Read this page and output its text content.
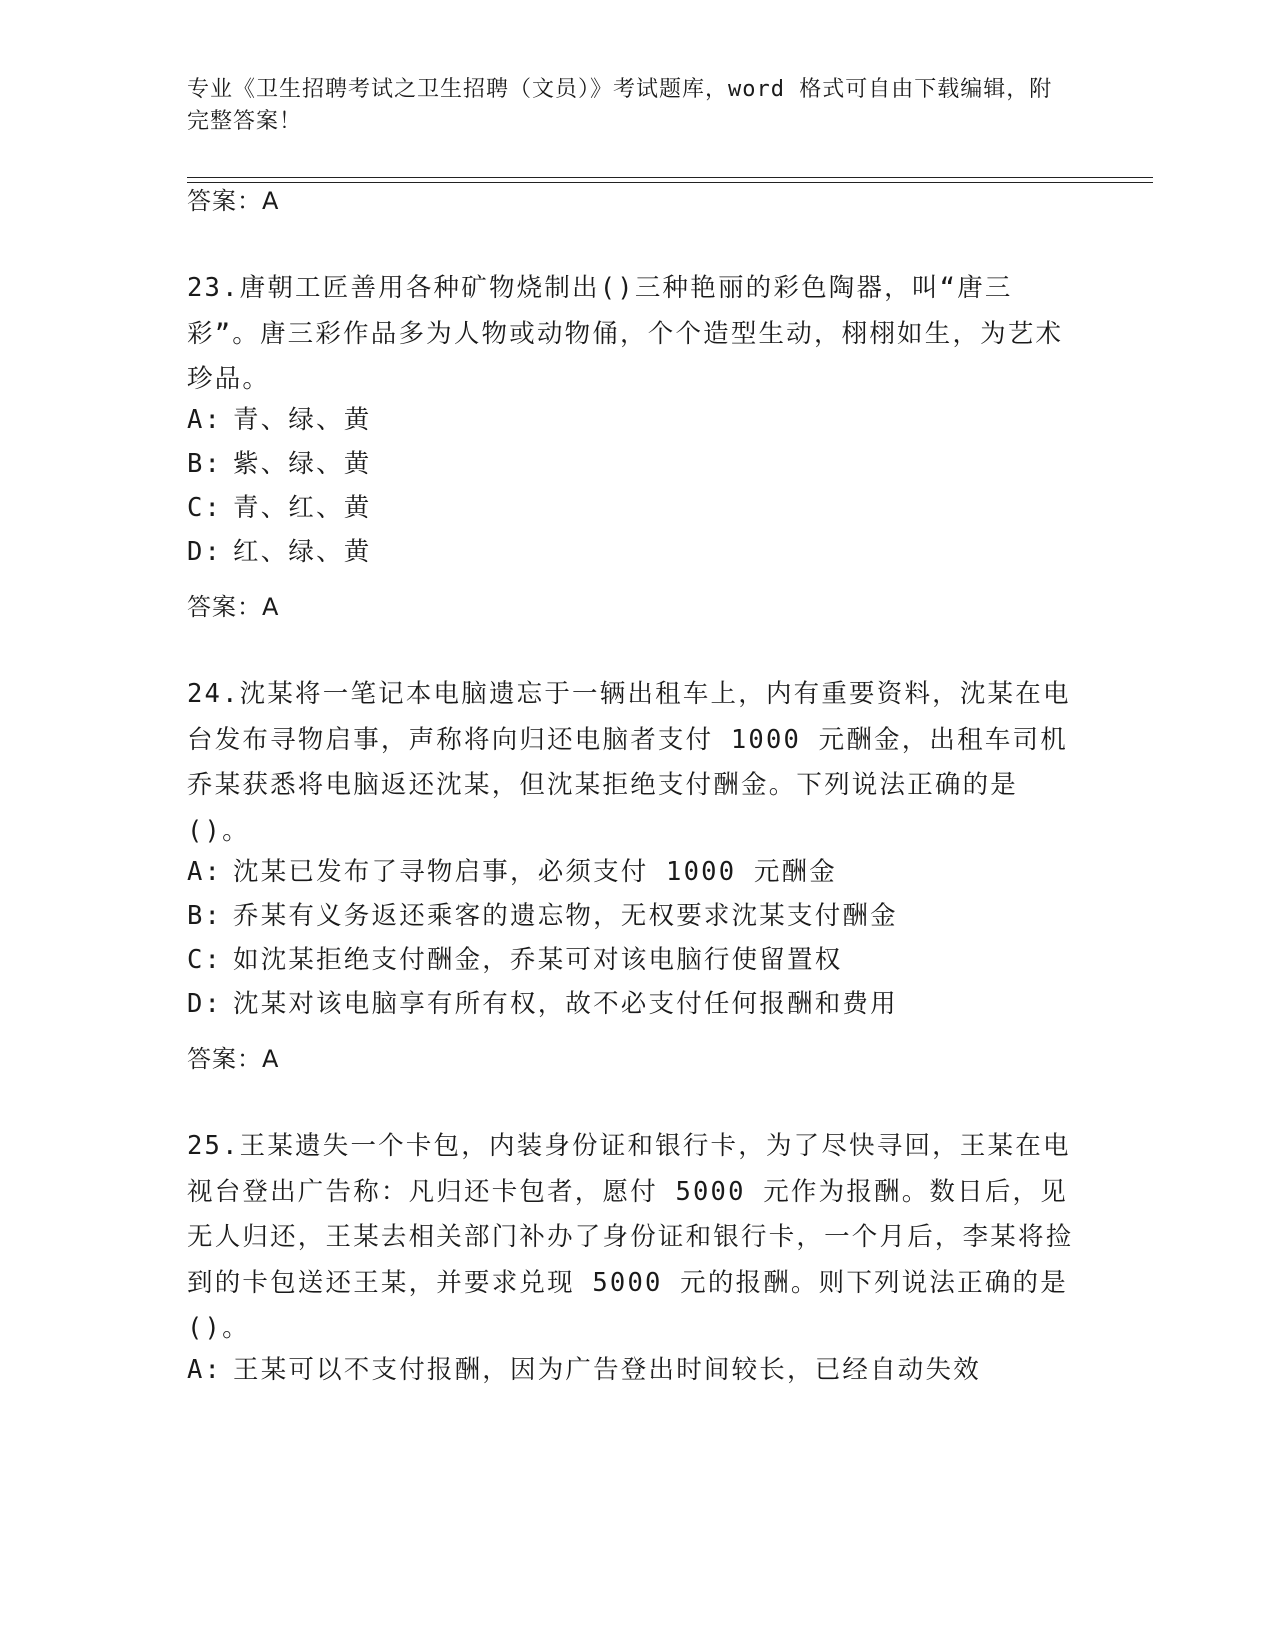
专业《卫生招聘考试之卫生招聘（文员）》考试题库，word 格式可自由下载编辑，附完整答案！
答案：A
23.唐朝工匠善用各种矿物烧制出()三种艳丽的彩色陶器，叫“唐三彩”。唐三彩作品多为人物或动物俑，个个造型生动，栩栩如生，为艺术珍品。
A: 青、绿、黄
B: 紫、绿、黄
C: 青、红、黄
D: 红、绿、黄
答案：A
24.沈某将一笔记本电脑遗忘于一辆出租车上，内有重要资料，沈某在电台发布寻物启事，声称将向归还电脑者支付 1000 元酬金，出租车司机乔某获悉将电脑返还沈某，但沈某拒绝支付酬金。下列说法正确的是()。
A: 沈某已发布了寻物启事，必须支付 1000 元酬金
B: 乔某有义务返还乘客的遗忘物，无权要求沈某支付酬金
C: 如沈某拒绝支付酬金，乔某可对该电脑行使留置权
D: 沈某对该电脑享有所有权，故不必支付任何报酬和费用
答案：A
25.王某遗失一个卡包，内装身份证和银行卡，为了尽快寻回，王某在电视台登出广告称：凡归还卡包者，愿付 5000 元作为报酬。数日后，见无人归还，王某去相关部门补办了身份证和银行卡，一个月后，李某将捡到的卡包送还王某，并要求兑现 5000 元的报酬。则下列说法正确的是()。
A: 王某可以不支付报酬，因为广告登出时间较长，已经自动失效
